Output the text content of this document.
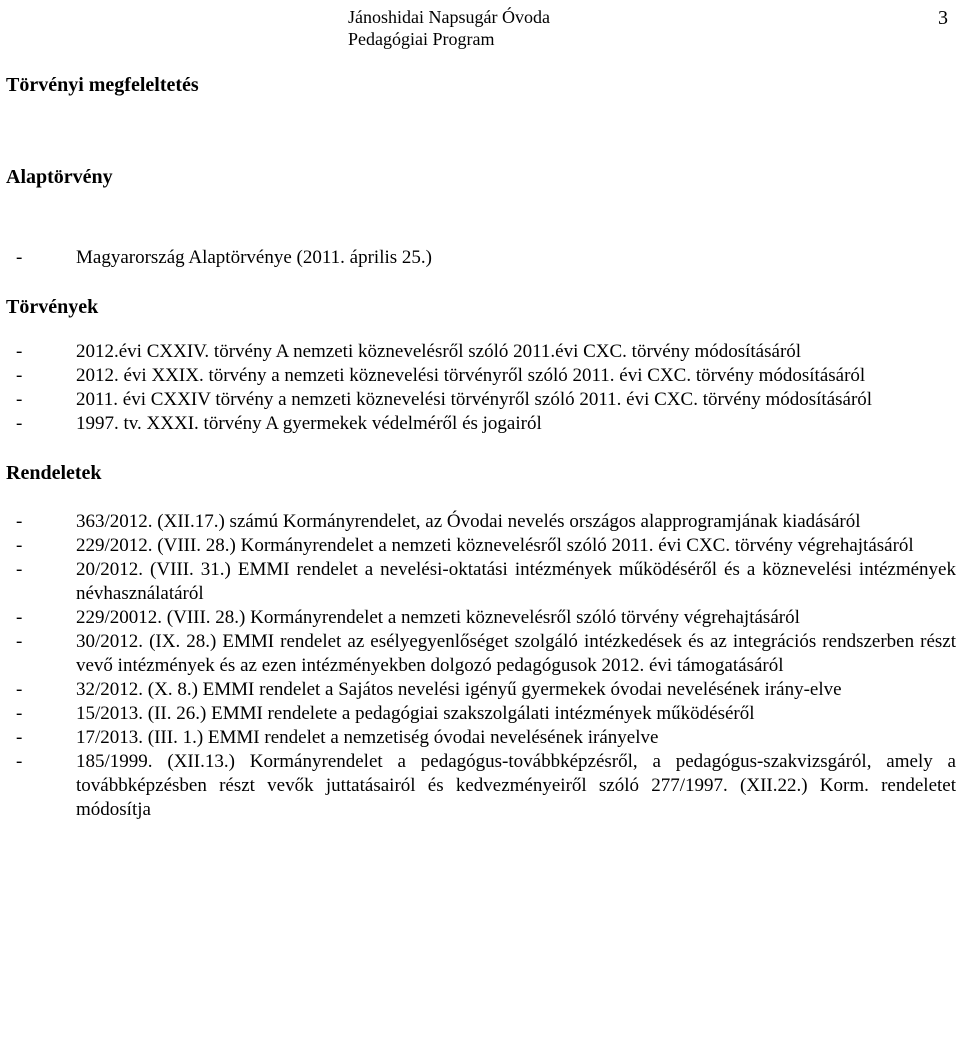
Jánoshidai Napsugár Óvoda
Pedagógiai Program
3
Törvényi megfeleltetés
Alaptörvény
-	Magyarország Alaptörvénye (2011. április 25.)
Törvények
-	2012.évi CXXIV. törvény A nemzeti köznevelésről szóló 2011.évi CXC. törvény módosításáról
-	2012. évi XXIX. törvény a nemzeti köznevelési törvényről szóló 2011. évi CXC. törvény módosításáról
-	2011. évi CXXIV törvény a nemzeti köznevelési törvényről szóló 2011. évi CXC. törvény módosításáról
-	1997. tv. XXXI. törvény A gyermekek védelméről és jogairól
Rendeletek
-	363/2012. (XII.17.) számú Kormányrendelet, az Óvodai nevelés országos alapprogramjának kiadásáról
-	229/2012. (VIII. 28.) Kormányrendelet a nemzeti köznevelésről szóló 2011. évi CXC. törvény végrehajtásáról
-	20/2012. (VIII. 31.) EMMI rendelet a nevelési-oktatási intézmények működéséről és a köznevelési intézmények névhasználatáról
-	229/20012. (VIII. 28.) Kormányrendelet a nemzeti köznevelésről szóló törvény végrehajtásáról
-	30/2012. (IX. 28.) EMMI rendelet az esélyegyenlőséget szolgáló intézkedések és az integrációs rendszerben részt vevő intézmények és az ezen intézményekben dolgozó pedagógusok 2012. évi támogatásáról
-	32/2012. (X. 8.) EMMI rendelet a Sajátos nevelési igényű gyermekek óvodai nevelésének irány-elve
-	15/2013. (II. 26.) EMMI rendelete a pedagógiai szakszolgálati intézmények működéséről
-	17/2013. (III. 1.) EMMI rendelet a nemzetiség óvodai nevelésének irányelve
-	185/1999. (XII.13.) Kormányrendelet a pedagógus-továbbképzésről, a pedagógus-szakvizsgáról, amely a továbbképzésben részt vevők juttatásairól és kedvezményeiről szóló 277/1997. (XII.22.) Korm. rendeletet módosítja
